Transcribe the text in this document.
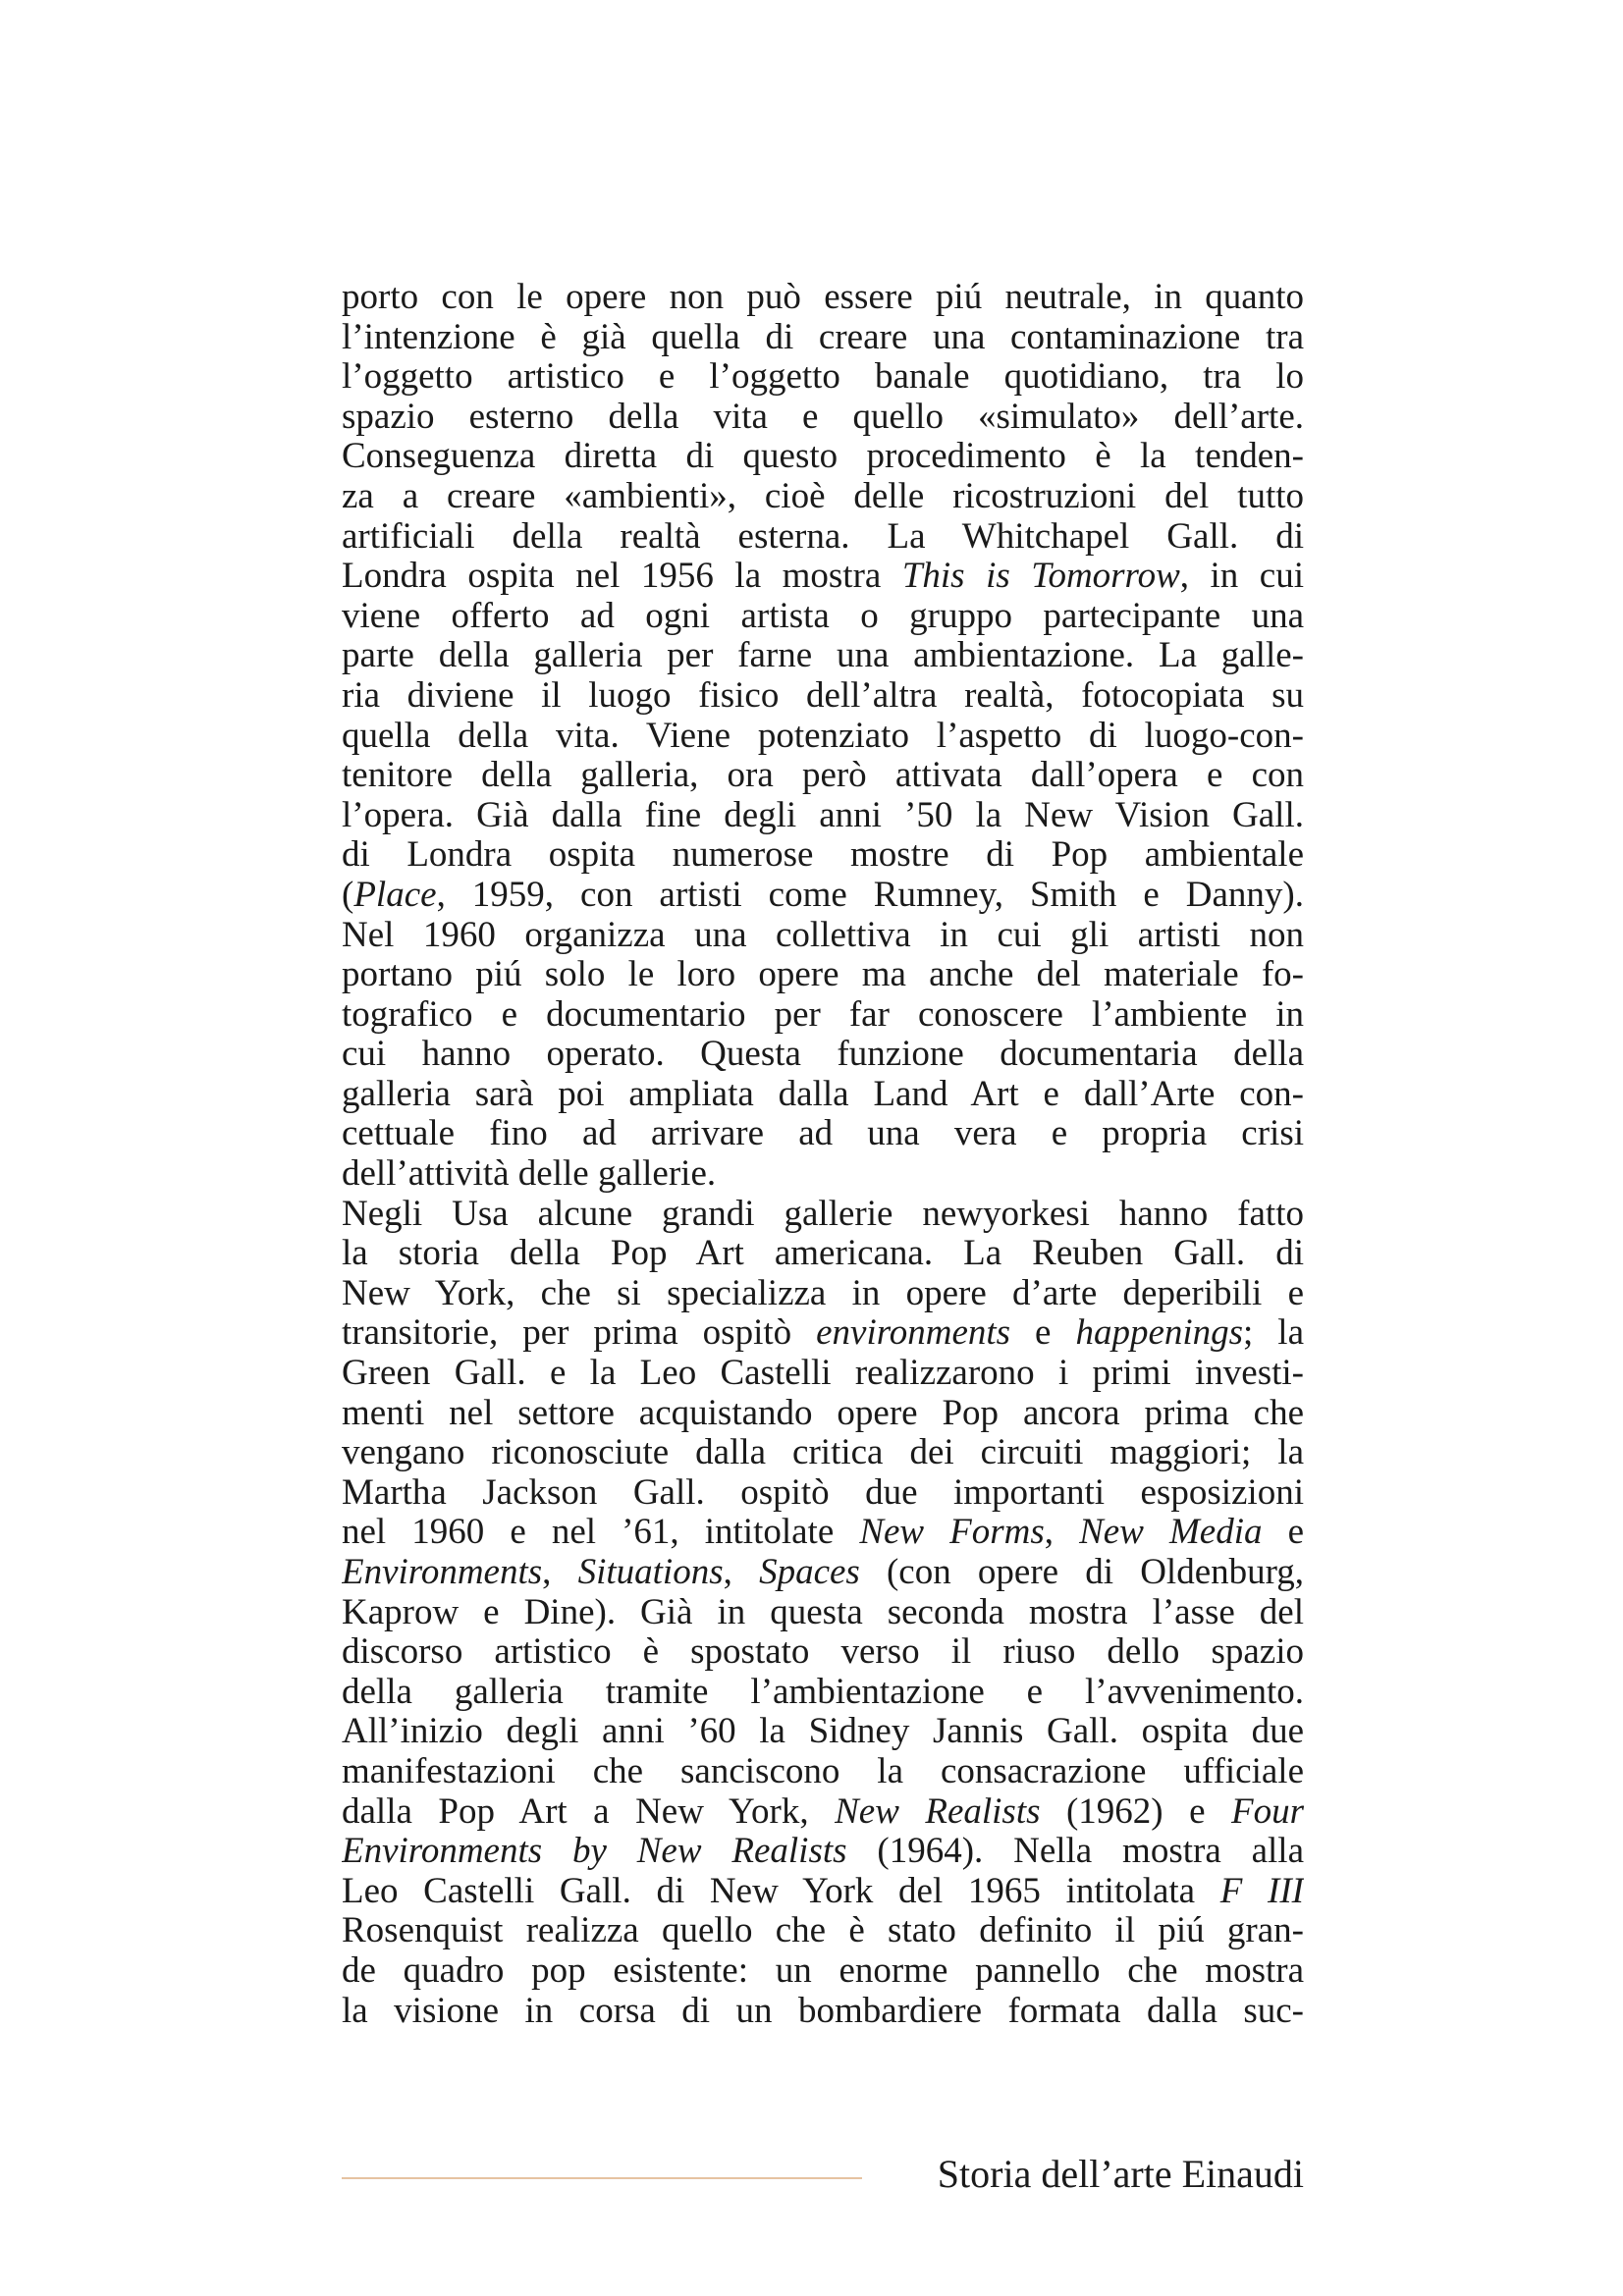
porto con le opere non può essere piú neutrale, in quanto
l’intenzione è già quella di creare una contaminazione tra
l’oggetto artistico e l’oggetto banale quotidiano, tra lo
spazio esterno della vita e quello «simulato» dell’arte.
Conseguenza diretta di questo procedimento è la tenden-
za a creare «ambienti», cioè delle ricostruzioni del tutto
artificiali della realtà esterna. La Whitchapel Gall. di
Londra ospita nel 1956 la mostra This is Tomorrow, in cui
viene offerto ad ogni artista o gruppo partecipante una
parte della galleria per farne una ambientazione. La galle-
ria diviene il luogo fisico dell’altra realtà, fotocopiata su
quella della vita. Viene potenziato l’aspetto di luogo-con-
tenitore della galleria, ora però attivata dall’opera e con
l’opera. Già dalla fine degli anni ’50 la New Vision Gall.
di Londra ospita numerose mostre di Pop ambientale
(Place, 1959, con artisti come Rumney, Smith e Danny).
Nel 1960 organizza una collettiva in cui gli artisti non
portano piú solo le loro opere ma anche del materiale fo-
tografico e documentario per far conoscere l’ambiente in
cui hanno operato. Questa funzione documentaria della
galleria sarà poi ampliata dalla Land Art e dall’Arte con-
cettuale fino ad arrivare ad una vera e propria crisi
dell’attività delle gallerie.
Negli Usa alcune grandi gallerie newyorkesi hanno fatto
la storia della Pop Art americana. La Reuben Gall. di
New York, che si specializza in opere d’arte deperibili e
transitorie, per prima ospitò environments e happenings; la
Green Gall. e la Leo Castelli realizzarono i primi investi-
menti nel settore acquistando opere Pop ancora prima che
vengano riconosciute dalla critica dei circuiti maggiori; la
Martha Jackson Gall. ospitò due importanti esposizioni
nel 1960 e nel ’61, intitolate New Forms, New Media e
Environments, Situations, Spaces (con opere di Oldenburg,
Kaprow e Dine). Già in questa seconda mostra l’asse del
discorso artistico è spostato verso il riuso dello spazio
della galleria tramite l’ambientazione e l’avvenimento.
All’inizio degli anni ’60 la Sidney Jannis Gall. ospita due
manifestazioni che sanciscono la consacrazione ufficiale
dalla Pop Art a New York, New Realists (1962) e Four
Environments by New Realists (1964). Nella mostra alla
Leo Castelli Gall. di New York del 1965 intitolata F III
Rosenquist realizza quello che è stato definito il piú gran-
de quadro pop esistente: un enorme pannello che mostra
la visione in corsa di un bombardiere formata dalla suc-
Storia dell’arte Einaudi
